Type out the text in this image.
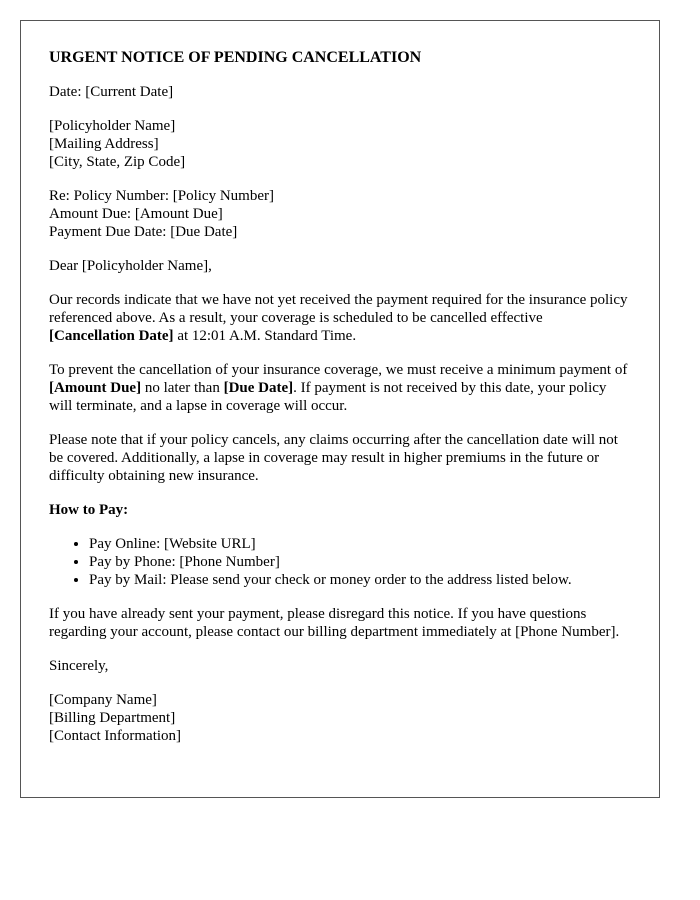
URGENT NOTICE OF PENDING CANCELLATION

Date: [Current Date]

[Policyholder Name]
[Mailing Address]
[City, State, Zip Code]
Re: Policy Number: [Policy Number]
Amount Due: [Amount Due]
Payment Due Date: [Due Date]

Dear [Policyholder Name],

Our records indicate that we have not yet received the payment required for the insurance policy referenced above. As a result, your coverage is scheduled to be cancelled effective [Cancellation Date] at 12:01 A.M. Standard Time.

To prevent the cancellation of your insurance coverage, we must receive a minimum payment of [Amount Due] no later than [Due Date]. If payment is not received by this date, your policy will terminate, and a lapse in coverage will occur.

Please note that if your policy cancels, any claims occurring after the cancellation date will not be covered. Additionally, a lapse in coverage may result in higher premiums in the future or difficulty obtaining new insurance.

How to Pay:
• Pay Online: [Website URL]
• Pay by Phone: [Phone Number]
• Pay by Mail: Please send your check or money order to the address listed below.

If you have already sent your payment, please disregard this notice. If you have questions regarding your account, please contact our billing department immediately at [Phone Number].

Sincerely,

[Company Name]
[Billing Department]
[Contact Information]
